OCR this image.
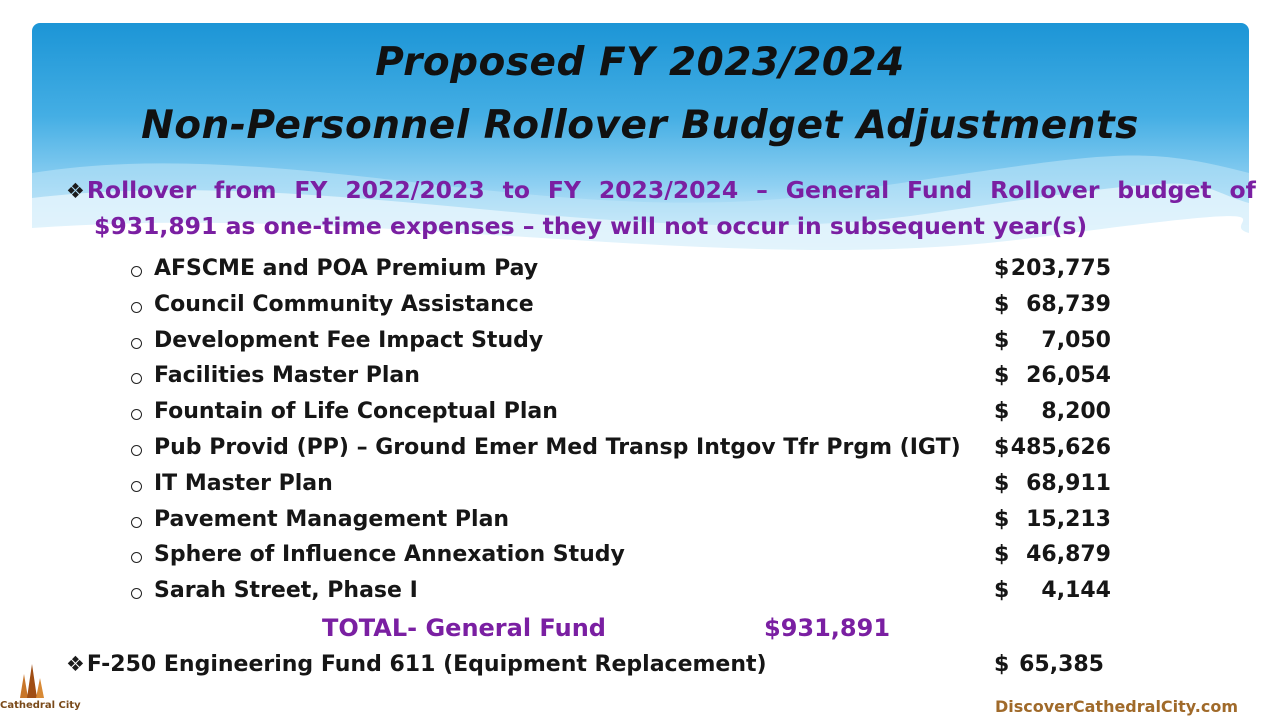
Proposed FY 2023/2024
Non-Personnel Rollover Budget Adjustments
❖Rollover from FY 2022/2023 to FY 2023/2024 – General Fund Rollover budget of
$931,891 as one-time expenses – they will not occur in subsequent year(s)
AFSCME and POA Premium Pay	$ 203,775
Council Community Assistance	$ 68,739
Development Fee Impact Study	$ 7,050
Facilities Master Plan	$ 26,054
Fountain of Life Conceptual Plan	$ 8,200
Pub Provid (PP) – Ground Emer Med Transp Intgov Tfr Prgm (IGT) $ 485,626
IT Master Plan	$ 68,911
Pavement Management Plan	$ 15,213
Sphere of Influence Annexation Study	$ 46,879
Sarah Street, Phase I	$ 4,144
TOTAL- General Fund	$931,891
❖F-250 Engineering Fund 611 (Equipment Replacement)	$ 65,385
Cathedral City	DiscoverCathedralCity.com
